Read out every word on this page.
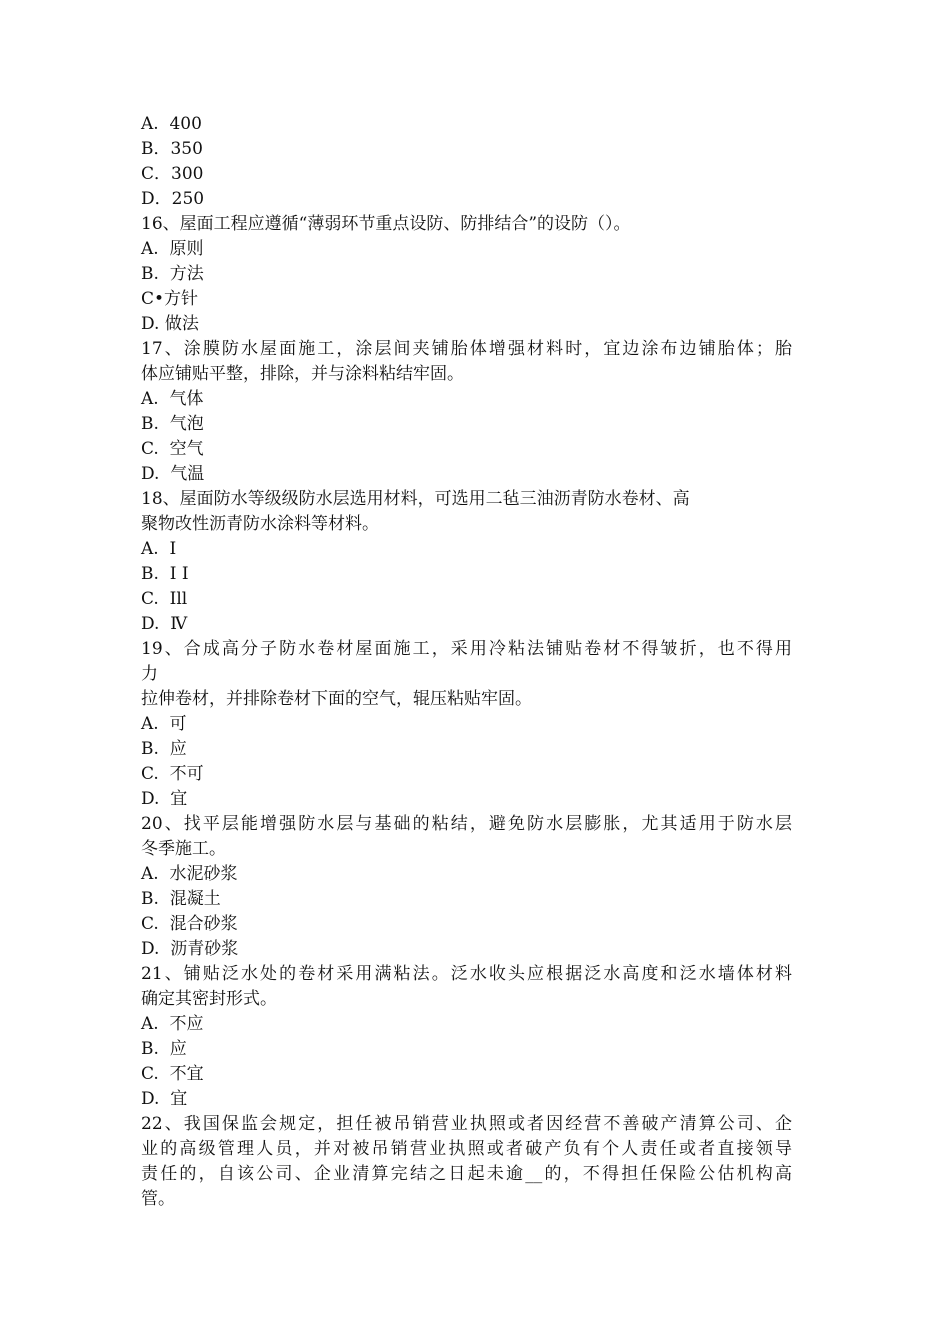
A.  400
B．350
C．300
D．250
16、屋面工程应遵循“薄弱环节重点设防、防排结合”的设防（）。
A.  原则
B.  方法
C•方针
D. 做法
17、涂膜防水屋面施工，涂层间夹铺胎体增强材料时，宜边涂布边铺胎体；胎
体应铺贴平整，排除，并与涂料粘结牢固。
A.  气体
B.  气泡
C.  空气
D.  气温
18、屋面防水等级级防水层选用材料，可选用二毡三油沥青防水卷材、高
聚物改性沥青防水涂料等材料。
A.  Ⅰ
B.  Ⅰ Ⅰ
C.  Ill
D.  Ⅳ
19、合成高分子防水卷材屋面施工，采用冷粘法铺贴卷材不得皱折，也不得用
力
拉伸卷材，并排除卷材下面的空气，辊压粘贴牢固。
A.  可
B.  应
C.  不可
D.  宜
20、找平层能增强防水层与基础的粘结，避免防水层膨胀，尤其适用于防水层
冬季施工。
A.  水泥砂浆
B.  混凝土
C.  混合砂浆
D.  沥青砂浆
21、铺贴泛水处的卷材采用满粘法。泛水收头应根据泛水高度和泛水墙体材料
确定其密封形式。
A.  不应
B.  应
C.  不宜
D.  宜
22、我国保监会规定，担任被吊销营业执照或者因经营不善破产清算公司、企
业的高级管理人员，并对被吊销营业执照或者破产负有个人责任或者直接领导
责任的，自该公司、企业清算完结之日起未逾__的，不得担任保险公估机构高
管。
